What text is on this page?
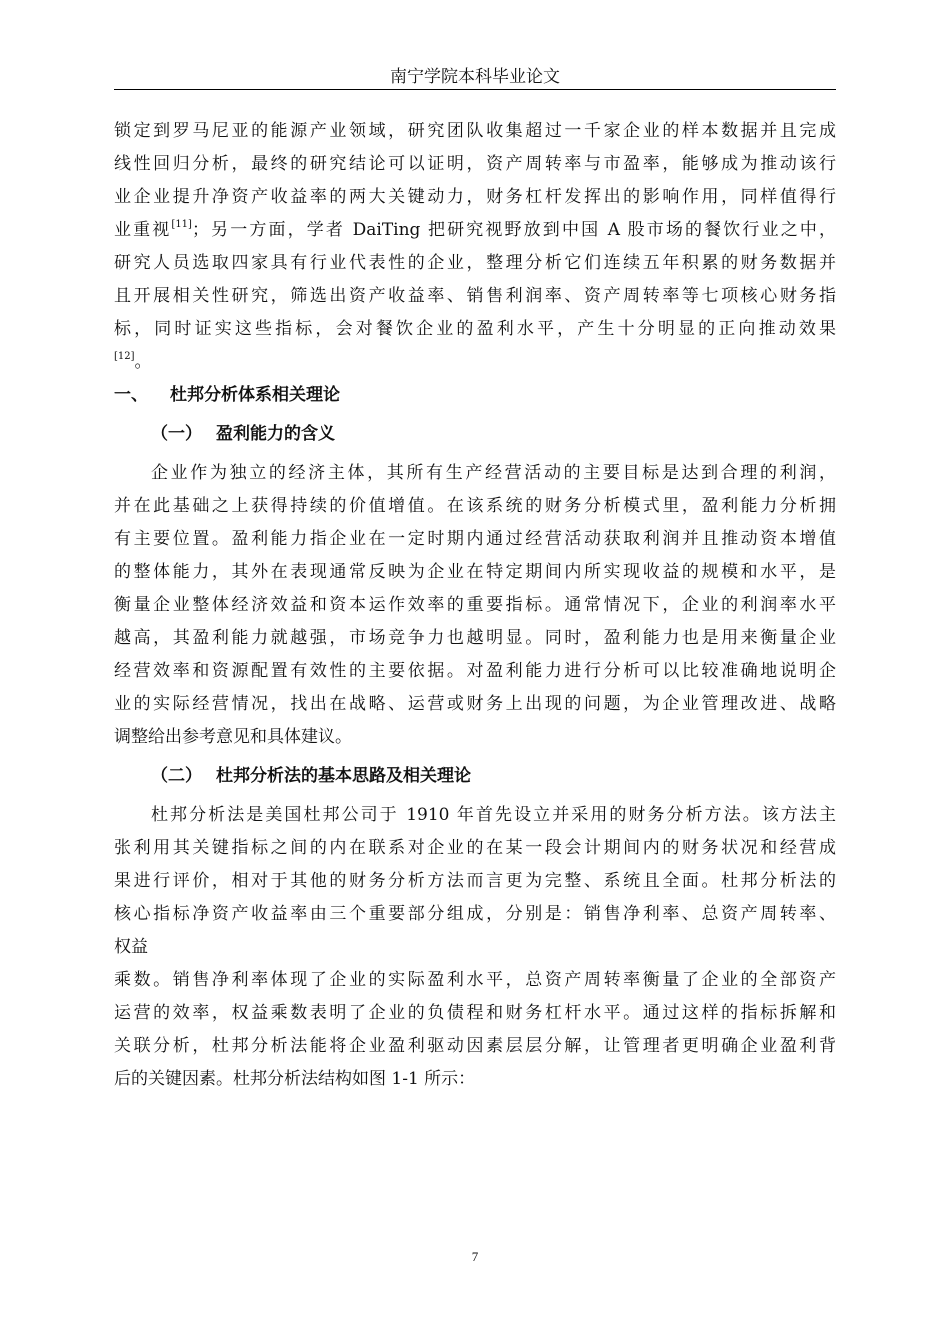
南宁学院本科毕业论文
锁定到罗马尼亚的能源产业领域，研究团队收集超过一千家企业的样本数据并且完成
线性回归分析，最终的研究结论可以证明，资产周转率与市盈率，能够成为推动该行
业企业提升净资产收益率的两大关键动力，财务杠杆发挥出的影响作用，同样值得行
业重视[11]；另一方面，学者 DaiTing 把研究视野放到中国 A 股市场的餐饮行业之中，
研究人员选取四家具有行业代表性的企业，整理分析它们连续五年积累的财务数据并
且开展相关性研究，筛选出资产收益率、销售利润率、资产周转率等七项核心财务指
标，同时证实这些指标，会对餐饮企业的盈利水平，产生十分明显的正向推动效果
[12]。
一、 杜邦分析体系相关理论
（一） 盈利能力的含义
企业作为独立的经济主体，其所有生产经营活动的主要目标是达到合理的利润，
并在此基础之上获得持续的价值增值。在该系统的财务分析模式里，盈利能力分析拥
有主要位置。盈利能力指企业在一定时期内通过经营活动获取利润并且推动资本增值
的整体能力，其外在表现通常反映为企业在特定期间内所实现收益的规模和水平，是
衡量企业整体经济效益和资本运作效率的重要指标。通常情况下，企业的利润率水平
越高，其盈利能力就越强，市场竞争力也越明显。同时，盈利能力也是用来衡量企业
经营效率和资源配置有效性的主要依据。对盈利能力进行分析可以比较准确地说明企
业的实际经营情况，找出在战略、运营或财务上出现的问题，为企业管理改进、战略
调整给出参考意见和具体建议。
（二） 杜邦分析法的基本思路及相关理论
杜邦分析法是美国杜邦公司于 1910 年首先设立并采用的财务分析方法。该方法主
张利用其关键指标之间的内在联系对企业的在某一段会计期间内的财务状况和经营成
果进行评价，相对于其他的财务分析方法而言更为完整、系统且全面。杜邦分析法的
核心指标净资产收益率由三个重要部分组成，分别是：销售净利率、总资产周转率、
权益
乘数。销售净利率体现了企业的实际盈利水平，总资产周转率衡量了企业的全部资产
运营的效率，权益乘数表明了企业的负债程和财务杠杆水平。通过这样的指标拆解和
关联分析，杜邦分析法能将企业盈利驱动因素层层分解，让管理者更明确企业盈利背
后的关键因素。杜邦分析法结构如图 1-1 所示：
7
